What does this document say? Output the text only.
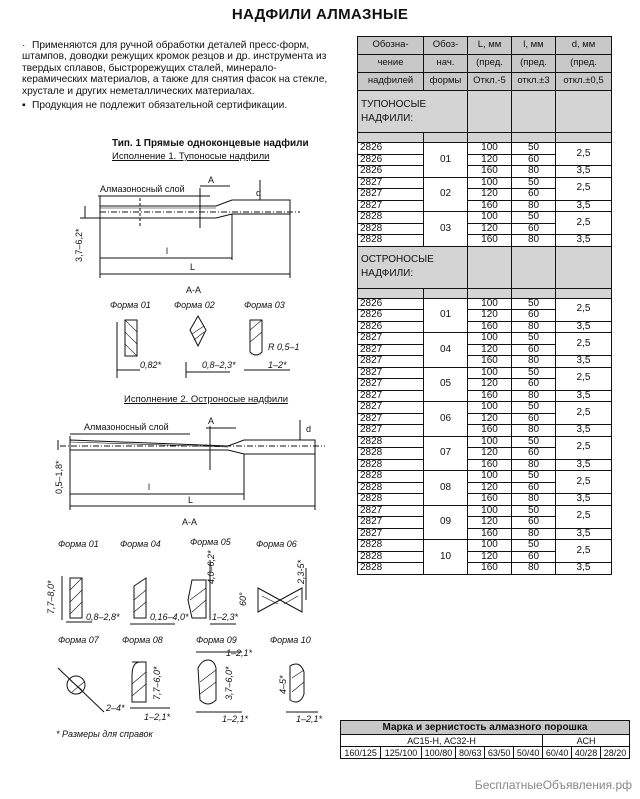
НАДФИЛИ АЛМАЗНЫЕ

· Применяются для ручной обработки деталей пресс-форм, штампов, доводки режущих кромок резцов и др. инструмента из твердых сплавов, быстрорежущих сталей, минерало-керамических материалов, а также для снятия фасок на стекле, хрустале и других неметаллических материалах.

▪ Продукция не подлежит обязательной сертификации.

Тип. 1 Прямые одноконцевые надфили
Исполнение 1. Тупоносые надфили
Исполнение 2. Остроносые надфили
Алмазоносный слой
A
d
l
L
3,7–6,2*
A-A
Форма 01	Форма 02	Форма 03
0,82*	0,8–2,3*
R 0,5–1
1–2*
Алмазоносный слой
A
d
l
L
0,5–1,8*
A-A
Форма 01 Форма 04	Форма 05	Форма 06
7,7–8,0*
0,8–2,8*	0,16–4,0*
4,0–6,2*
1–2,3*
2,3-5*
60°
Форма 07	Форма 08	Форма 09	Форма 10
2–4*
7,7–6,0*
1–2,1*
1–2,1*
3,7–6,0*
1–2,1*
4–5*
1–2,1*
* Размеры для справок
Обозна-	Обоз-	L, мм	l, мм	d, мм
чение	нач.	(пред.	(пред.	(пред.
надфилей	формы	Откл.-5	откл.±3	откл.±0,5
ТУПОНОСЫЕ НАДФИЛИ:				

2826	01	100	50	2,5
2826		120	60	
2826		160	80	3,5
2827	02	100	50	2,5
2827		120	60	
2827		160	80	3,5
2828	03	100	50	2,5
2828		120	60	
2828		160	80	3,5
ОСТРОНОСЫЕ НАДФИЛИ:				

2826	01	100	50	2,5
2826		120	60	
2826		160	80	3,5
2827	04	100	50	2,5
2827		120	60	
2827		160	80	3,5
2827	05	100	50	2,5
2827		120	60	
2827		160	80	3,5
2827	06	100	50	2,5
2827		120	60	
2827		160	80	3,5
2828	07	100	50	2,5
2828		120	60	
2828		160	80	3,5
2828	08	100	50	2,5
2828		120	60	
2828		160	80	3,5
2827	09	100	50	2,5
2827		120	60	
2827		160	80	3,5
2828	10	100	50	2,5
2828		120	60	
2828		160	80	3,5
Марка и зернистость алмазного порошка								
АС15-Н, АС32-Н						АСН		
160/125	125/100	100/80	80/63	63/50	50/40	60/40	40/28	28/20
БесплатныеОбъявления.рф
